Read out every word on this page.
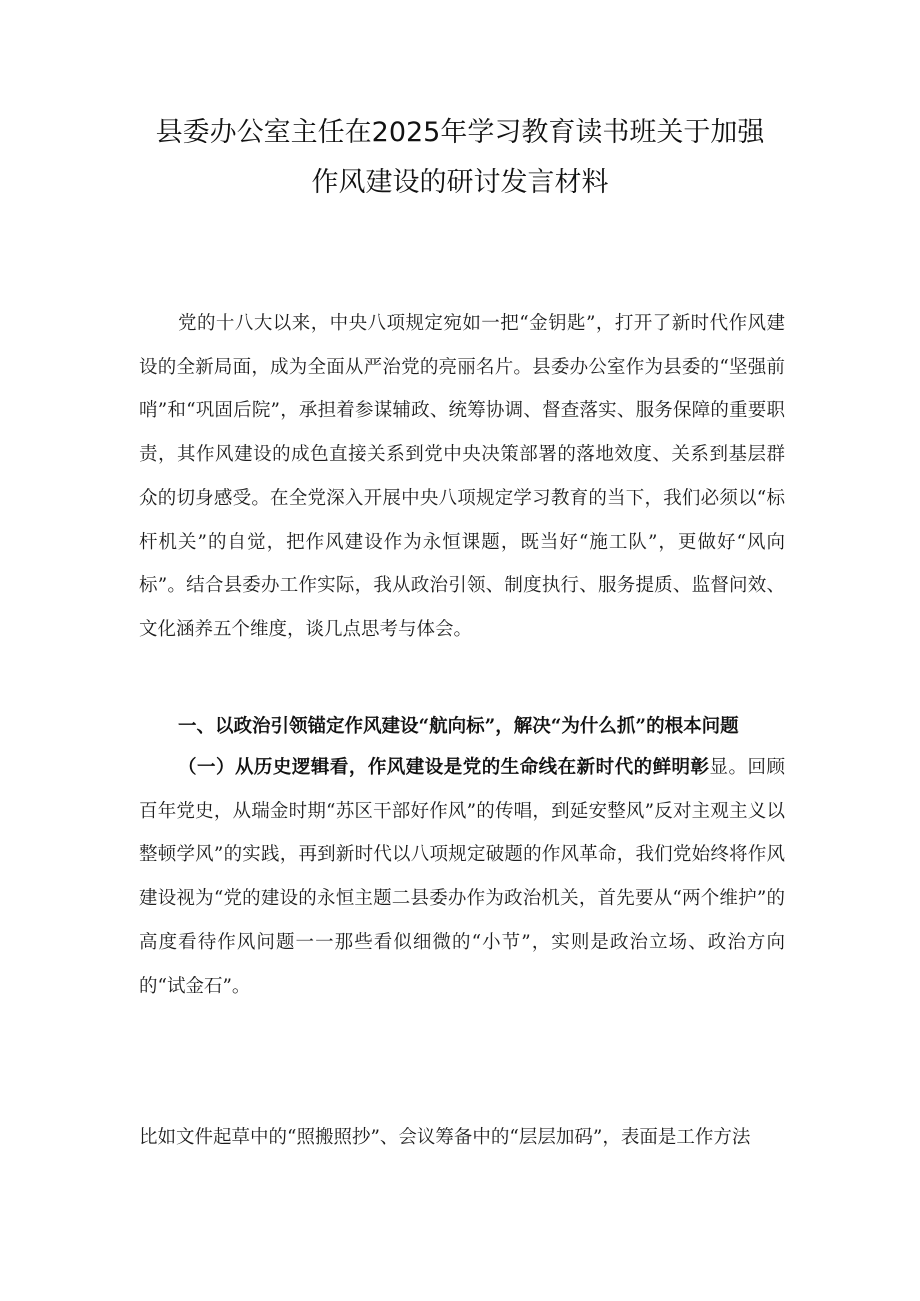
县委办公室主任在2025年学习教育读书班关于加强
作风建设的研讨发言材料
党的十八大以来，中央八项规定宛如一把“金钥匙”，打开了新时代作风建设的全新局面，成为全面从严治党的亮丽名片。县委办公室作为县委的“坚强前哨”和“巩固后院”，承担着参谋辅政、统筹协调、督查落实、服务保障的重要职责，其作风建设的成色直接关系到党中央决策部署的落地效度、关系到基层群众的切身感受。在全党深入开展中央八项规定学习教育的当下，我们必须以“标杆机关”的自觉，把作风建设作为永恒课题，既当好“施工队”，更做好“风向标”。结合县委办工作实际，我从政治引领、制度执行、服务提质、监督问效、文化涵养五个维度，谈几点思考与体会。
一、以政治引领锚定作风建设“航向标”，解决“为什么抓”的根本问题
（一）从历史逻辑看，作风建设是党的生命线在新时代的鲜明彰显。回顾百年党史，从瑞金时期“苏区干部好作风”的传唱，到延安整风”反对主观主义以整顿学风”的实践，再到新时代以八项规定破题的作风革命，我们党始终将作风建设视为“党的建设的永恒主题二县委办作为政治机关，首先要从“两个维护”的高度看待作风问题一一那些看似细微的“小节”，实则是政治立场、政治方向的“试金石”。
比如文件起草中的“照搬照抄”、会议筹备中的“层层加码”，表面是工作方法
